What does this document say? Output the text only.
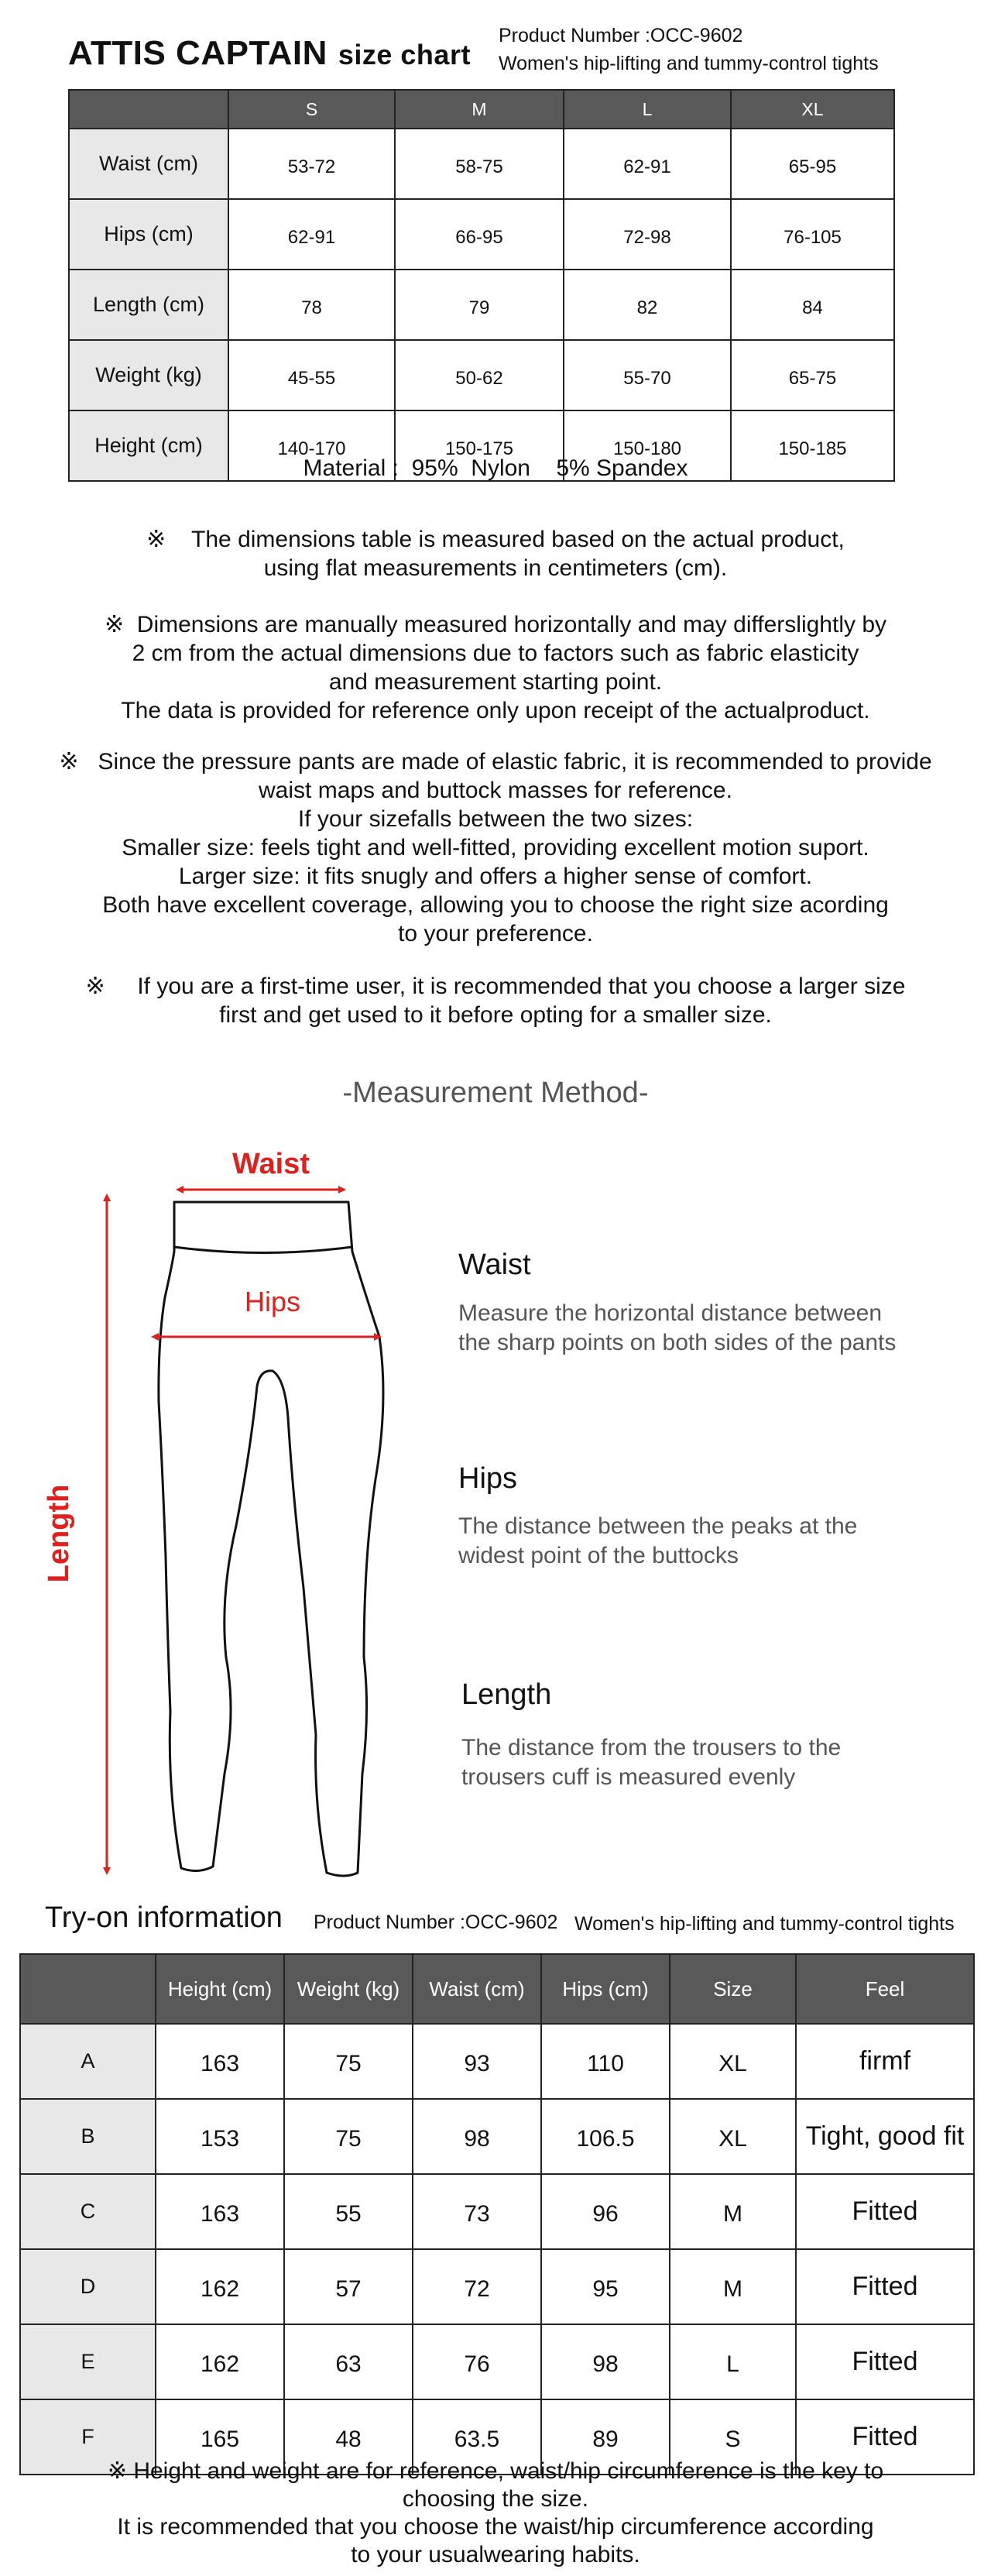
ATTIS CAPTAIN size chart
Product Number :OCC-9602
Women's hip-lifting and tummy-control tights
	S	M	L	XL
Waist (cm)	53-72	58-75	62-91	65-95
Hips (cm)	62-91	66-95	72-98	76-105
Length (cm)	78	79	82	84
Weight (kg)	45-55	50-62	55-70	65-75
Height (cm)	140-170	150-175	150-180	150-185
Material :  95%  Nylon    5% Spandex

※    The dimensions table is measured based on the actual product,

using flat measurements in centimeters (cm).

※  Dimensions are manually measured horizontally and may differslightly by

2 cm from the actual dimensions due to factors such as fabric elasticity

and measurement starting point.

The data is provided for reference only upon receipt of the actualproduct.

※   Since the pressure pants are made of elastic fabric, it is recommended to provide

waist maps and buttock masses for reference.

If your sizefalls between the two sizes:

Smaller size: feels tight and well-fitted, providing excellent motion suport.

Larger size: it fits snugly and offers a higher sense of comfort.

Both have excellent coverage, allowing you to choose the right size acording

to your preference.

※     If you are a first-time user, it is recommended that you choose a larger size

first and get used to it before opting for a smaller size.

-Measurement Method-
Waist
Hips
Length
Waist
Measure the horizontal distance between
the sharp points on both sides of the pants
Hips
The distance between the peaks at the
widest point of the buttocks
Length
The distance from the trousers to the
trousers cuff is measured evenly
Try-on information Product Number :OCC-9602 Women's hip-lifting and tummy-control tights
	Height (cm)	Weight (kg)	Waist (cm)	Hips (cm)	Size	Feel
A	163	75	93	110	XL	firmf
B	153	75	98	106.5	XL	Tight, good fit
C	163	55	73	96	M	Fitted
D	162	57	72	95	M	Fitted
E	162	63	76	98	L	Fitted
F	165	48	63.5	89	S	Fitted

※ Height and weight are for reference, waist/hip circumference is the key to

choosing the size.

It is recommended that you choose the waist/hip circumference according

to your usualwearing habits.
